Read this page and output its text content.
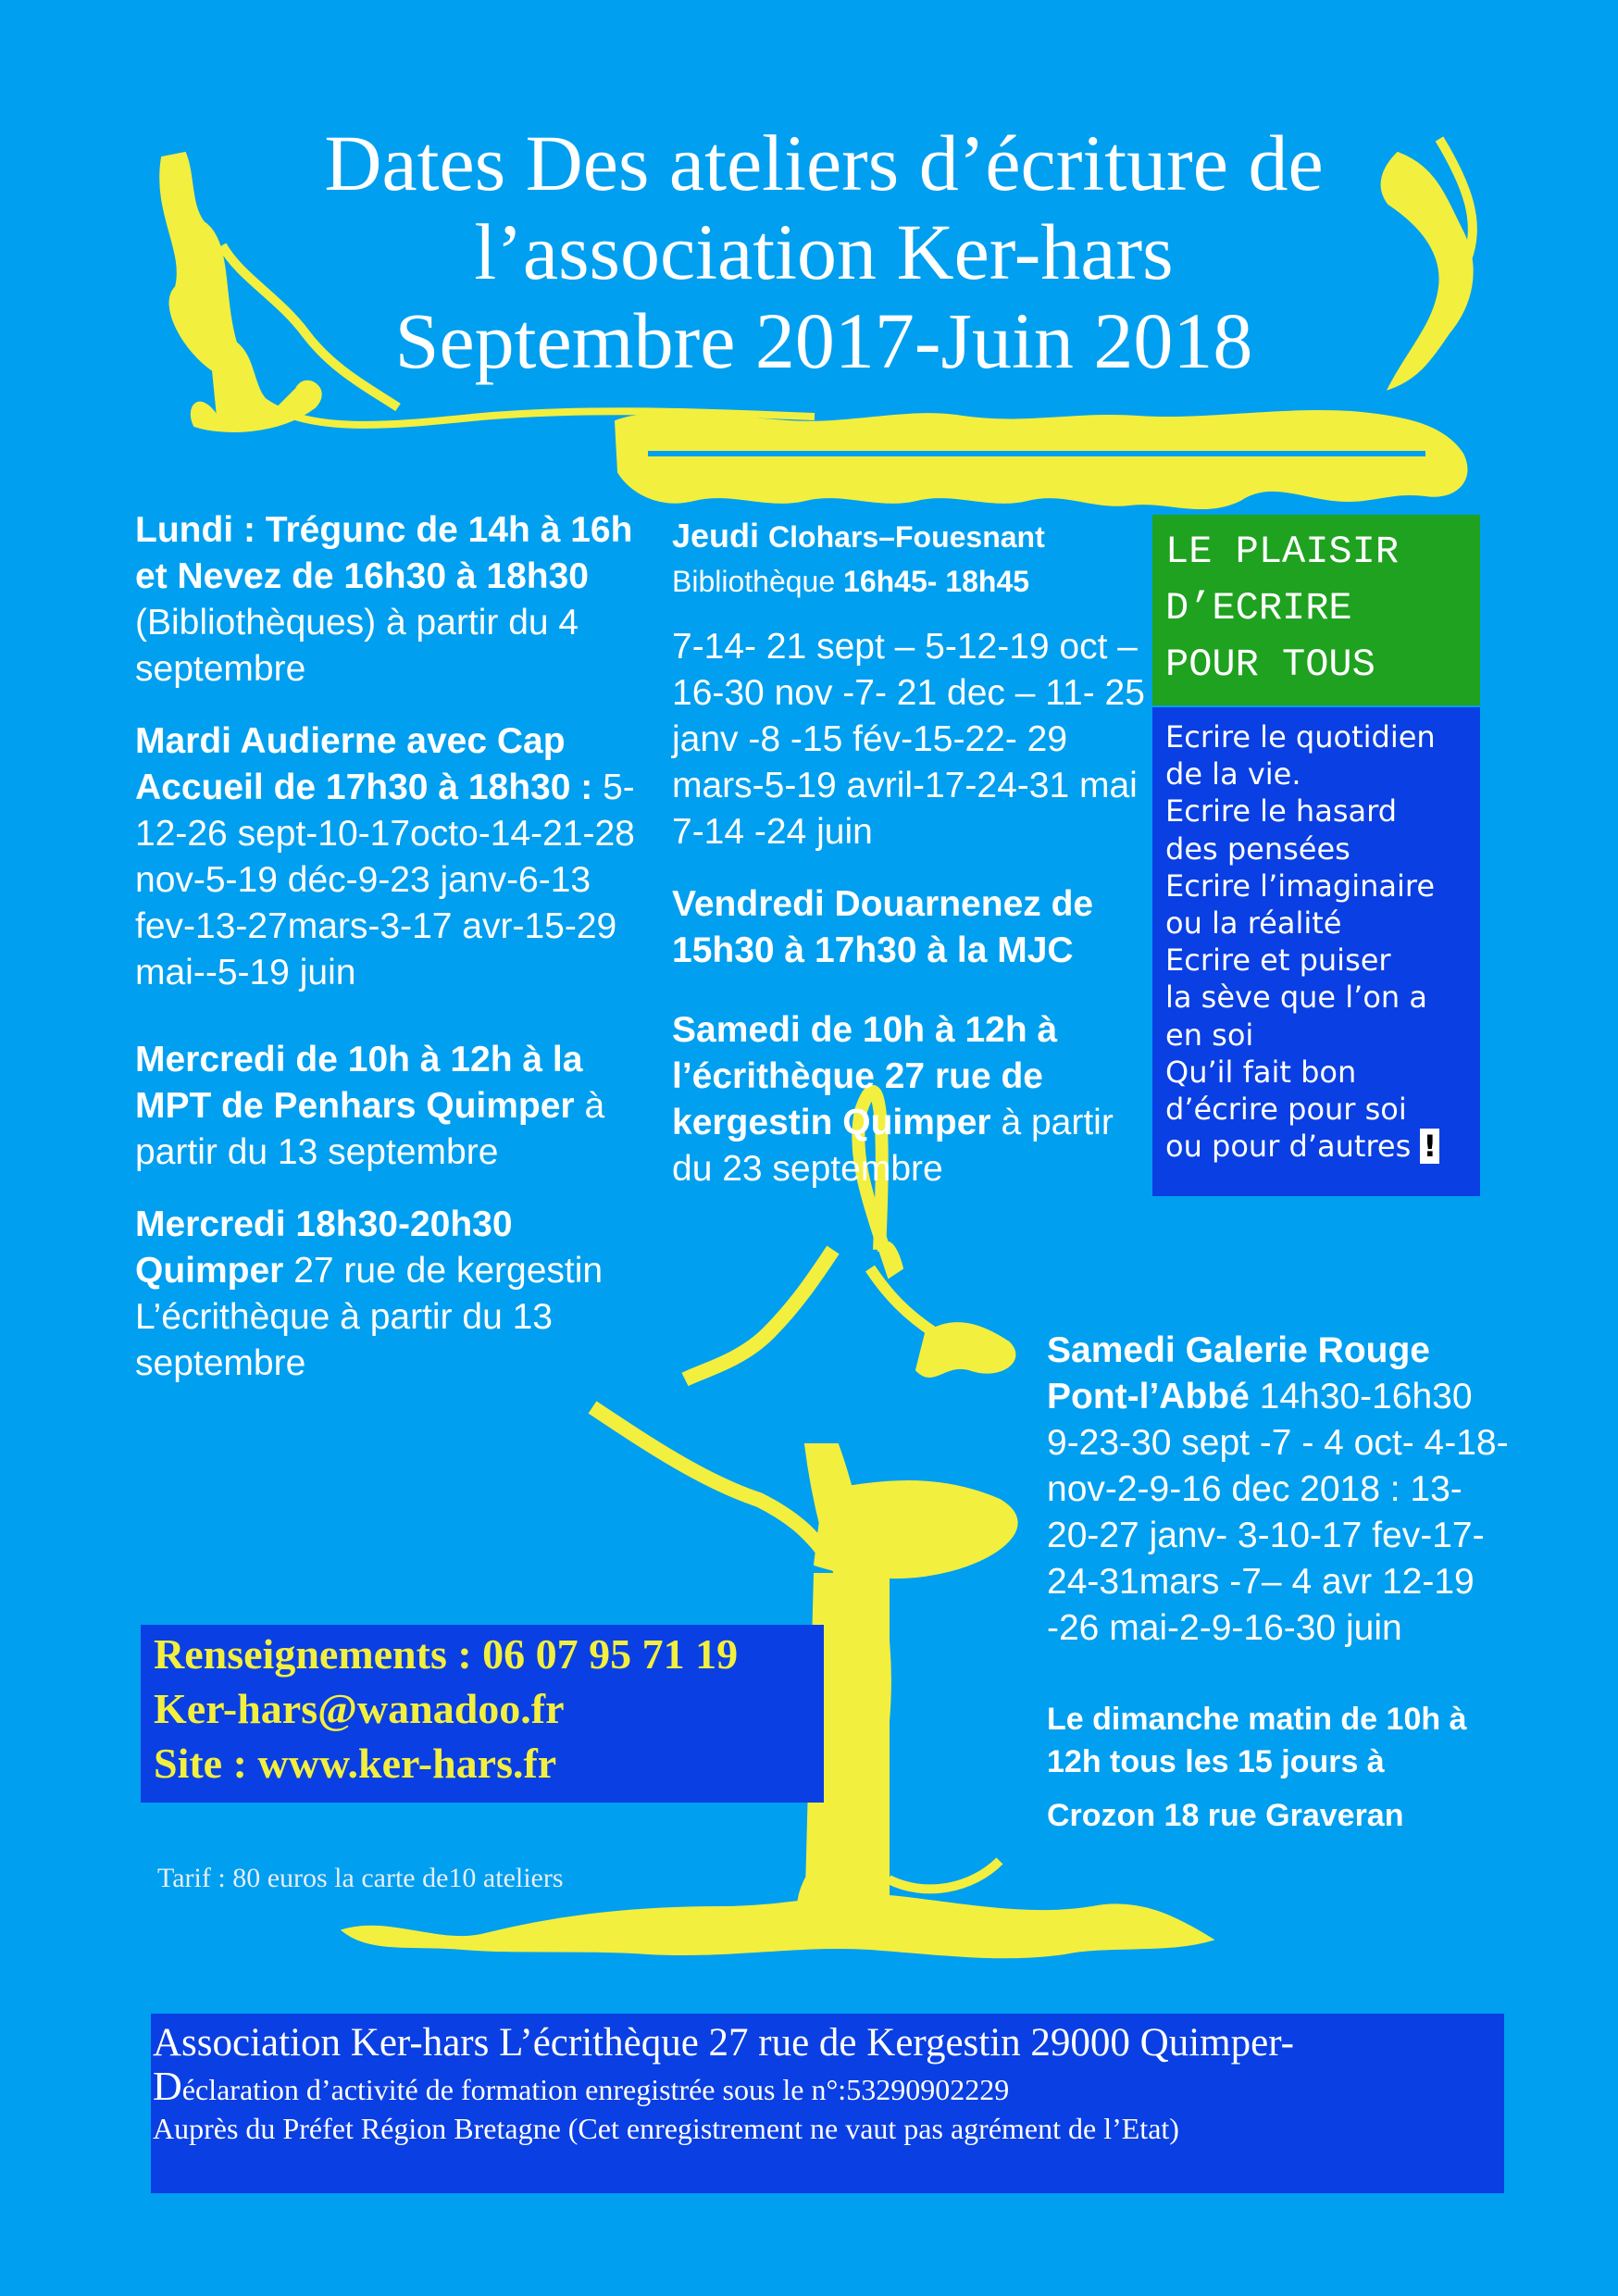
Dates Des ateliers d’écriture de
l’association Ker-hars
Septembre 2017-Juin 2018

Lundi : Trégunc de 14h à 16h et Nevez de 16h30 à 18h30 (Bibliothèques) à partir du 4 septembre

Mardi Audierne avec Cap Accueil de 17h30 à 18h30 : 5-12-26 sept-10-17octo-14-21-28 nov-5-19 déc-9-23 janv-6-13 fev-13-27mars-3-17 avr-15-29 mai--5-19 juin

Mercredi de 10h à 12h à la MPT de Penhars Quimper à partir du 13 septembre

Mercredi 18h30-20h30 Quimper 27 rue de kergestin L’écrithèque à partir du 13 septembre

Jeudi Clohars–Fouesnant
Bibliothèque 16h45- 18h45

7-14- 21 sept – 5-12-19 oct – 16-30 nov -7- 21 dec – 11- 25 janv -8 -15 fév-15-22- 29 mars-5-19 avril-17-24-31 mai 7-14 -24 juin

Vendredi Douarnenez de 15h30 à 17h30 à la MJC

Samedi de 10h à 12h à l’écrithèque 27 rue de kergestin Quimper à partir du 23 septembre

LE PLAISIR
D’ECRIRE
POUR TOUS
Ecrire le quotidien
de la vie.
Ecrire le hasard
des pensées
Ecrire l’imaginaire
ou la réalité
Ecrire et puiser
la sève que l’on a
en soi
Qu’il fait bon
d’écrire pour soi
ou pour d’autres !

Samedi Galerie Rouge Pont-l’Abbé 14h30-16h30 9-23-30 sept -7 - 4 oct- 4-18- nov-2-9-16 dec 2018 : 13-20-27 janv- 3-10-17 fev-17-24-31mars -7– 4 avr 12-19 -26 mai-2-9-16-30 juin

Le dimanche matin de 10h à 12h tous les 15 jours à

Crozon 18 rue Graveran

Renseignements : 06 07 95 71 19
Ker-hars@wanadoo.fr
Site : www.ker-hars.fr
Tarif : 80 euros la carte de10 ateliers
Association Ker-hars L’écrithèque 27 rue de Kergestin 29000 Quimper-
Déclaration d’activité de formation enregistrée sous le n°:53290902229
Auprès du Préfet Région Bretagne (Cet enregistrement ne vaut pas agrément de l’Etat)
